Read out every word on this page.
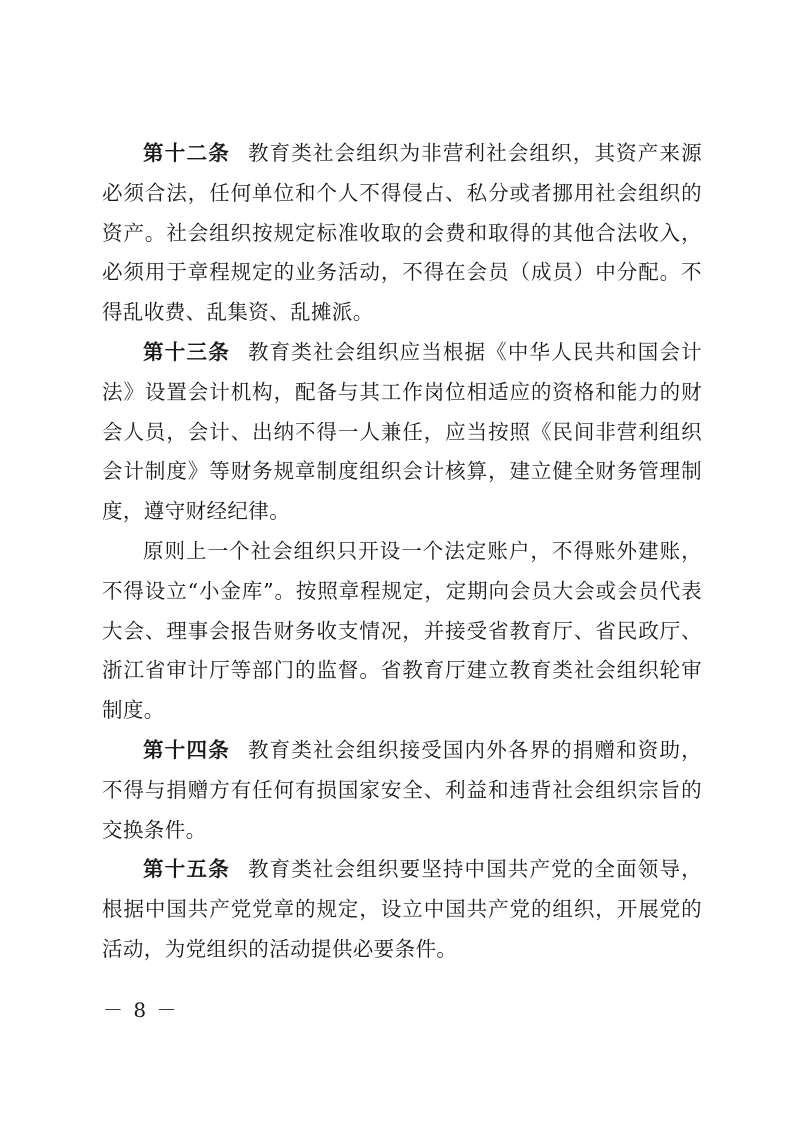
第十二条 教育类社会组织为非营利社会组织，其资产来源必须合法，任何单位和个人不得侵占、私分或者挪用社会组织的资产。社会组织按规定标准收取的会费和取得的其他合法收入，必须用于章程规定的业务活动，不得在会员（成员）中分配。不得乱收费、乱集资、乱摊派。

第十三条 教育类社会组织应当根据《中华人民共和国会计法》设置会计机构，配备与其工作岗位相适应的资格和能力的财会人员，会计、出纳不得一人兼任，应当按照《民间非营利组织会计制度》等财务规章制度组织会计核算，建立健全财务管理制度，遵守财经纪律。

原则上一个社会组织只开设一个法定账户，不得账外建账，不得设立“小金库”。按照章程规定，定期向会员大会或会员代表大会、理事会报告财务收支情况，并接受省教育厅、省民政厅、浙江省审计厅等部门的监督。省教育厅建立教育类社会组织轮审制度。

第十四条 教育类社会组织接受国内外各界的捐赠和资助，不得与捐赠方有任何有损国家安全、利益和违背社会组织宗旨的交换条件。

第十五条 教育类社会组织要坚持中国共产党的全面领导，根据中国共产党党章的规定，设立中国共产党的组织，开展党的活动，为党组织的活动提供必要条件。

－ 8 －
